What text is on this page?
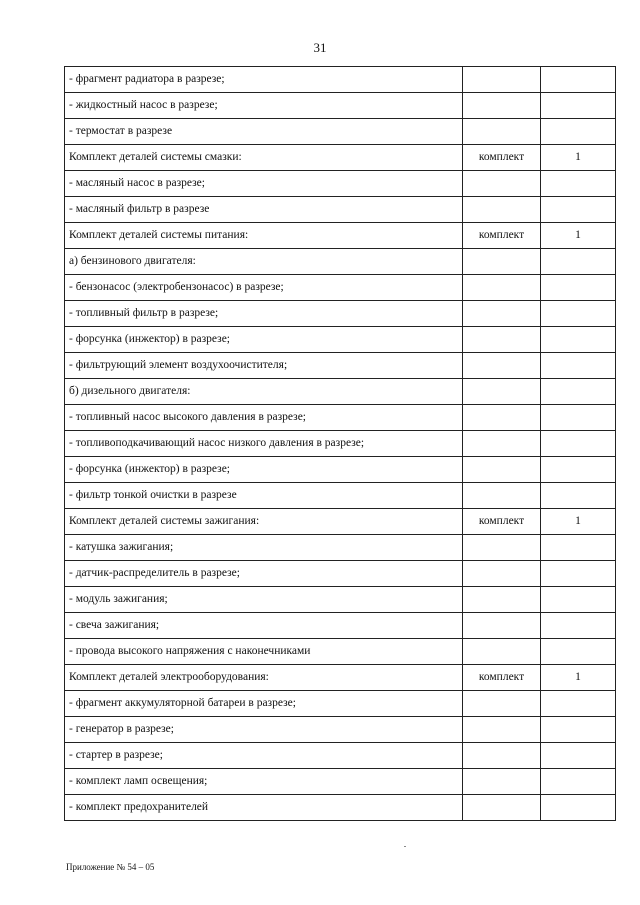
31
- фрагмент радиатора в разрезе;		
- жидкостный насос в разрезе;		
- термостат в разрезе		
Комплект деталей системы смазки:	комплект	1
- масляный насос в разрезе;		
- масляный фильтр в разрезе		
Комплект деталей системы питания:	комплект	1
а) бензинового двигателя:		
- бензонасос (электробензонасос) в разрезе;		
- топливный фильтр в разрезе;		
- форсунка (инжектор) в разрезе;		
- фильтрующий элемент воздухоочистителя;		
б) дизельного двигателя:		
- топливный насос высокого давления в разрезе;		
- топливоподкачивающий насос низкого давления в разрезе;		
- форсунка (инжектор) в разрезе;		
- фильтр тонкой очистки в разрезе		
Комплект деталей системы зажигания:	комплект	1
- катушка зажигания;		
- датчик-распределитель в разрезе;		
- модуль зажигания;		
- свеча зажигания;		
- провода высокого напряжения с наконечниками		
Комплект деталей электрооборудования:	комплект	1
- фрагмент аккумуляторной батареи в разрезе;		
- генератор в разрезе;		
- стартер в разрезе;		
- комплект ламп освещения;		
- комплект предохранителей		
Приложение № 54 – 05
